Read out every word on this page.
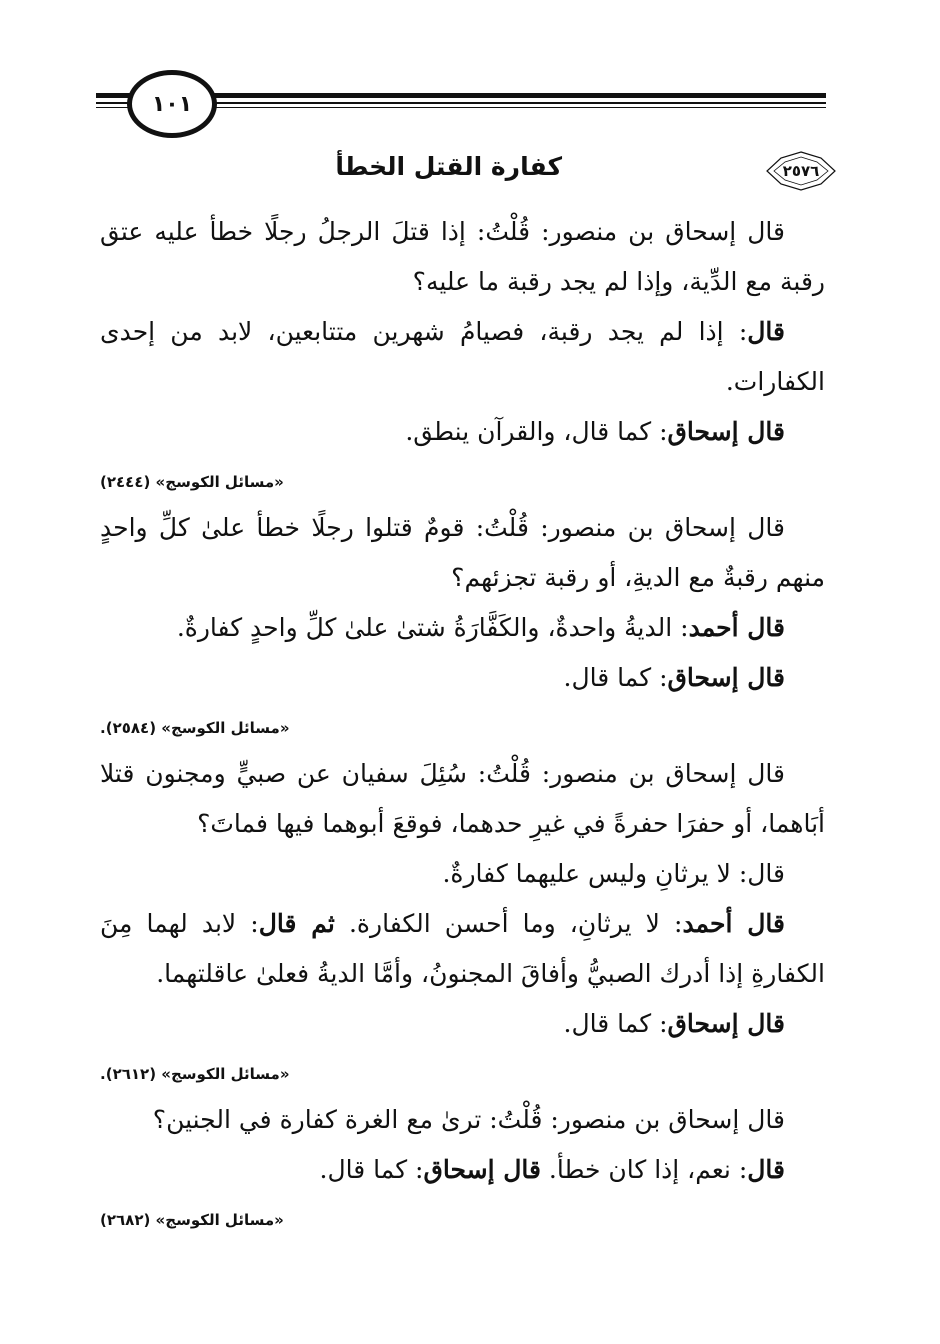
١٠١
٢٥٧٦
كفارة القتل الخطأ

قال إسحاق بن منصور: قُلْتُ: إذا قتلَ الرجلُ رجلًا خطأ عليه عتق رقبة مع الدِّية، وإذا لم يجد رقبة ما عليه؟

قال: إذا لم يجد رقبة، فصيامُ شهرين متتابعين، لابد من إحدى الكفارات.

قال إسحاق: كما قال، والقرآن ينطق.

«مسائل الكوسج» (٢٤٤٤)

قال إسحاق بن منصور: قُلْتُ: قومٌ قتلوا رجلًا خطأ علىٰ كلِّ واحدٍ منهم رقبةٌ مع الديةِ، أو رقبة تجزئهم؟

قال أحمد: الديةُ واحدةٌ، والكَفَّارَةُ شتىٰ علىٰ كلِّ واحدٍ كفارةٌ.

قال إسحاق: كما قال.

«مسائل الكوسج» (٢٥٨٤).

قال إسحاق بن منصور: قُلْتُ: سُئِلَ سفيان عن صبيٍّ ومجنون قتلا أبَاهما، أو حفرَا حفرةً في غيرِ حدهما، فوقعَ أبوهما فيها فماتَ؟

قال: لا يرثانِ وليس عليهما كفارةٌ.

قال أحمد: لا يرثانِ، وما أحسن الكفارة. ثم قال: لابد لهما مِنَ الكفارةِ إذا أدرك الصبيُّ وأفاقَ المجنونُ، وأمَّا الديةُ فعلىٰ عاقلتهما.

قال إسحاق: كما قال.

«مسائل الكوسج» (٢٦١٢).

قال إسحاق بن منصور: قُلْتُ: ترىٰ مع الغرة كفارة في الجنين؟

قال: نعم، إذا كان خطأ. قال إسحاق: كما قال.

«مسائل الكوسج» (٢٦٨٢)
